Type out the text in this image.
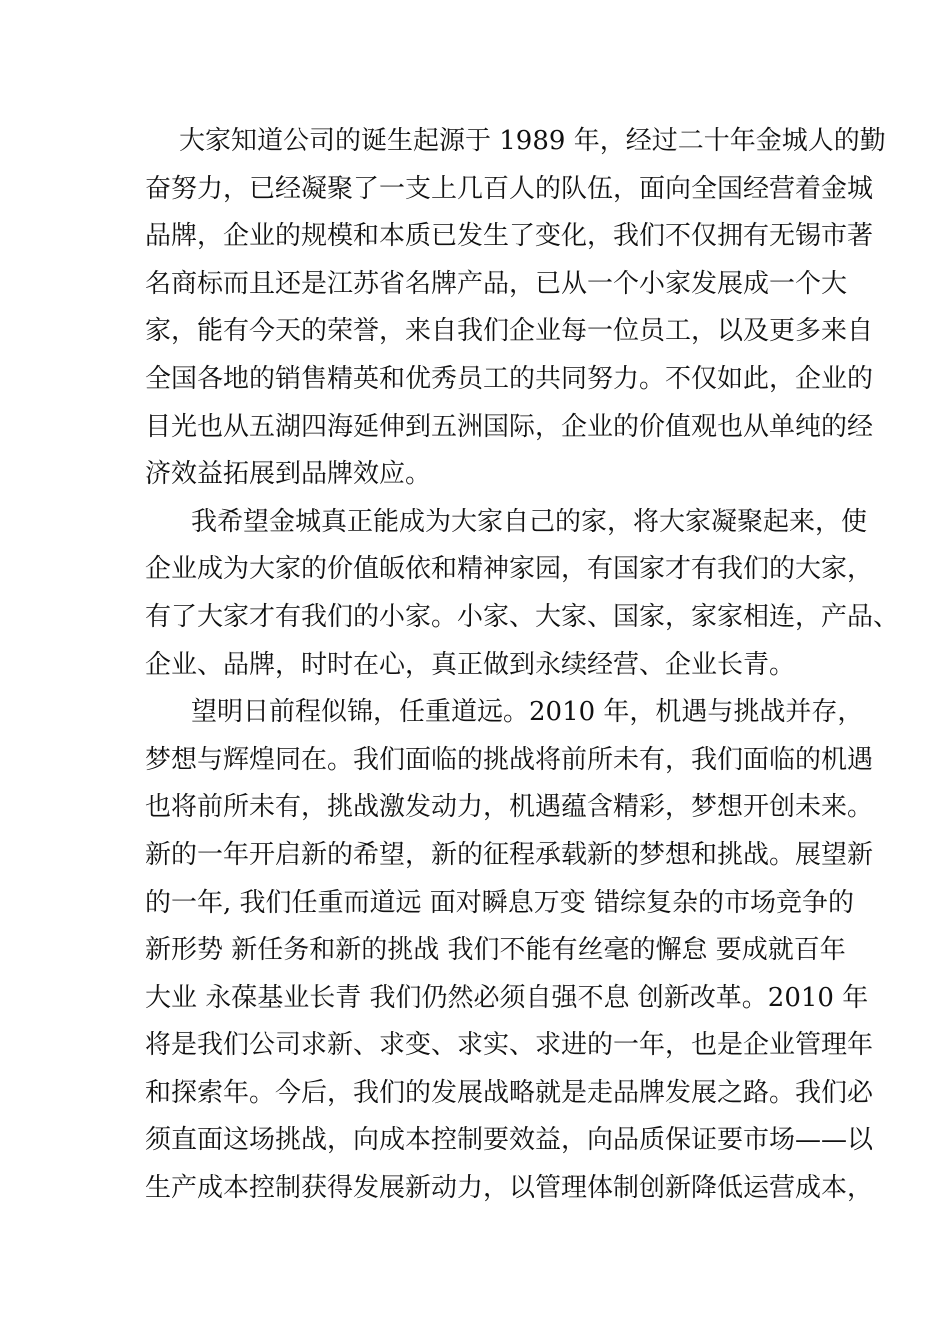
大家知道公司的诞生起源于 1989 年，经过二十年金城人的勤
奋努力，已经凝聚了一支上几百人的队伍，面向全国经营着金城
品牌，企业的规模和本质已发生了变化，我们不仅拥有无锡市著
名商标而且还是江苏省名牌产品，已从一个小家发展成一个大
家，能有今天的荣誉，来自我们企业每一位员工，以及更多来自
全国各地的销售精英和优秀员工的共同努力。不仅如此，企业的
目光也从五湖四海延伸到五洲国际，企业的价值观也从单纯的经
济效益拓展到品牌效应。
我希望金城真正能成为大家自己的家，将大家凝聚起来，使
企业成为大家的价值皈依和精神家园，有国家才有我们的大家，
有了大家才有我们的小家。小家、大家、国家，家家相连，产品、
企业、品牌，时时在心，真正做到永续经营、企业长青。
望明日前程似锦，任重道远。2010 年，机遇与挑战并存，
梦想与辉煌同在。我们面临的挑战将前所未有，我们面临的机遇
也将前所未有，挑战激发动力，机遇蕴含精彩，梦想开创未来。
新的一年开启新的希望，新的征程承载新的梦想和挑战。展望新
的一年, 我们任重而道远 面对瞬息万变 错综复杂的市场竞争的
新形势 新任务和新的挑战 我们不能有丝毫的懈怠 要成就百年
大业 永葆基业长青 我们仍然必须自强不息 创新改革。2010 年
将是我们公司求新、求变、求实、求进的一年，也是企业管理年
和探索年。今后，我们的发展战略就是走品牌发展之路。我们必
须直面这场挑战，向成本控制要效益，向品质保证要市场——以
生产成本控制获得发展新动力，以管理体制创新降低运营成本，
